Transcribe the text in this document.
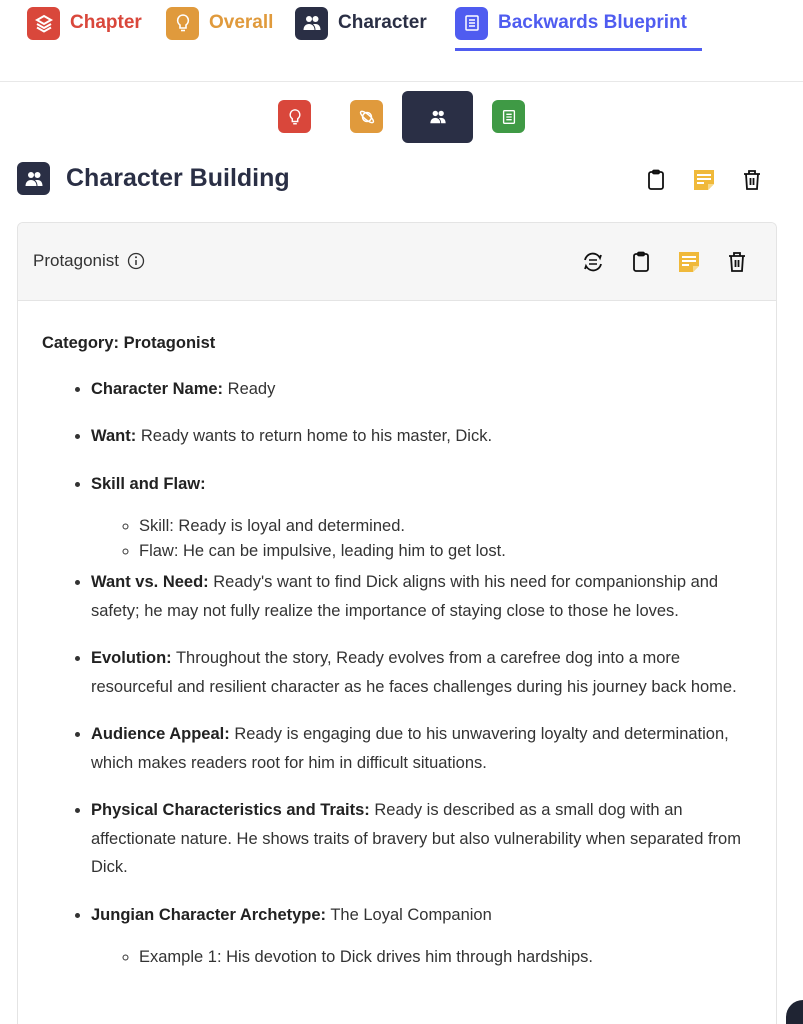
Chapter	Overall	Character	Backwards Blueprint
Character Building
Protagonist
Category: Protagonist
• Character Name: Ready
• Want: Ready wants to return home to his master, Dick.
• Skill and Flaw:
◦ Skill: Ready is loyal and determined.
◦ Flaw: He can be impulsive, leading him to get lost.
• Want vs. Need: Ready's want to find Dick aligns with his need for companionship and safety; he may not fully realize the importance of staying close to those he loves.
• Evolution: Throughout the story, Ready evolves from a carefree dog into a more resourceful and resilient character as he faces challenges during his journey back home.
• Audience Appeal: Ready is engaging due to his unwavering loyalty and determination, which makes readers root for him in difficult situations.
• Physical Characteristics and Traits: Ready is described as a small dog with an affectionate nature. He shows traits of bravery but also vulnerability when separated from Dick.
• Jungian Character Archetype: The Loyal Companion
◦ Example 1: His devotion to Dick drives him through hardships.
